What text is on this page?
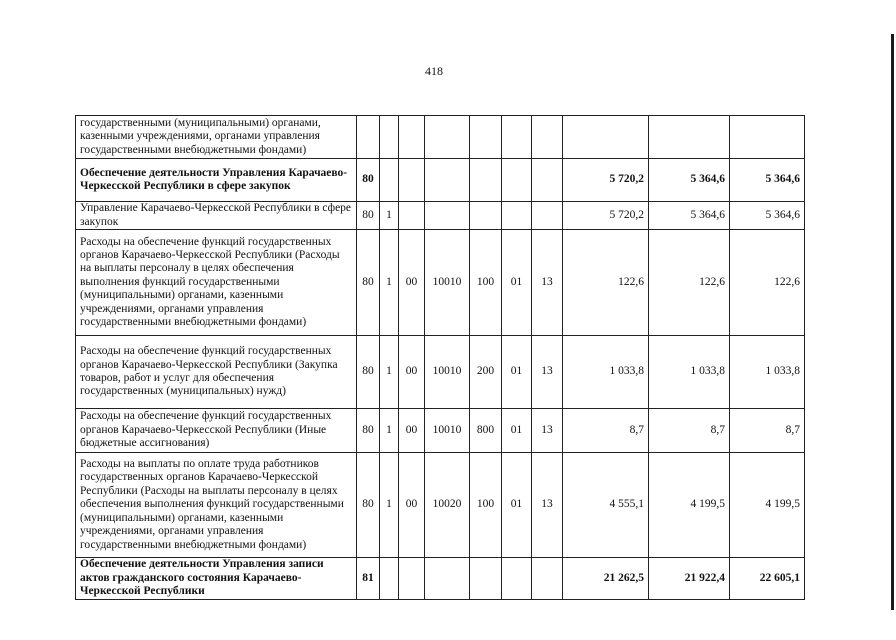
418
государственными (муниципальными) органами, казенными учреждениями, органами управления государственными внебюджетными фондами)										
Обеспечение деятельности Управления Карачаево-Черкесской Республики в сфере закупок	80							5 720,2	5 364,6	5 364,6
Управление Карачаево-Черкесской Республики в сфере закупок	80	1						5 720,2	5 364,6	5 364,6
Расходы на обеспечение функций государственных органов Карачаево-Черкесской Республики (Расходы на выплаты персоналу в целях обеспечения выполнения функций государственными (муниципальными) органами, казенными учреждениями, органами управления государственными внебюджетными фондами)	80	1	00	10010	100	01	13	122,6	122,6	122,6
Расходы на обеспечение функций государственных органов Карачаево-Черкесской Республики (Закупка товаров, работ и услуг для обеспечения государственных (муниципальных) нужд)	80	1	00	10010	200	01	13	1 033,8	1 033,8	1 033,8
Расходы на обеспечение функций государственных органов Карачаево-Черкесской Республики (Иные бюджетные ассигнования)	80	1	00	10010	800	01	13	8,7	8,7	8,7
Расходы на выплаты по оплате труда работников государственных органов Карачаево-Черкесской Республики (Расходы на выплаты персоналу в целях обеспечения выполнения функций государственными (муниципальными) органами, казенными учреждениями, органами управления государственными внебюджетными фондами)	80	1	00	10020	100	01	13	4 555,1	4 199,5	4 199,5
Обеспечение деятельности Управления записи актов гражданского состояния Карачаево-Черкесской Республики	81							21 262,5	21 922,4	22 605,1
